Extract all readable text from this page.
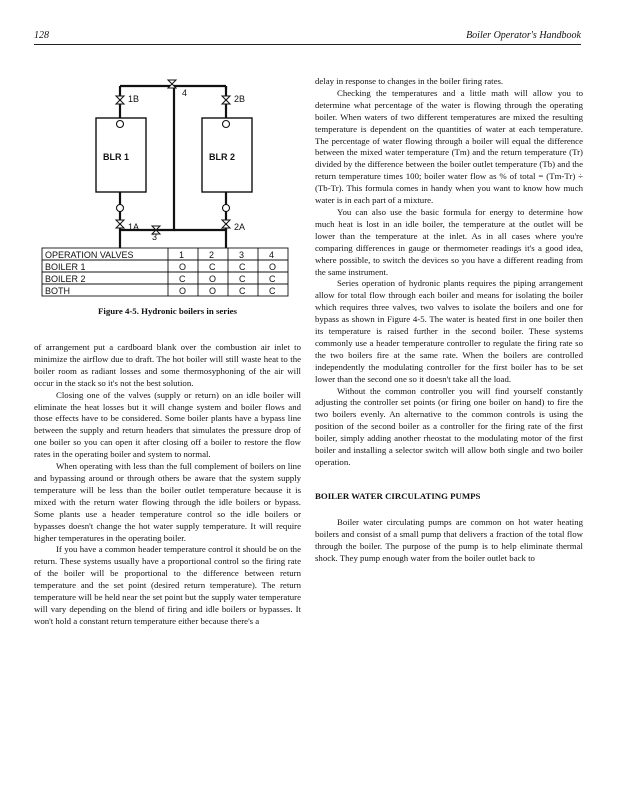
128	Boiler Operator's Handbook
BLR 1	BLR 2
1B	2B
4
1A	2A
3
OPERATION VALVES	1	2	3	4
BOILER 1	O	C	C	O
BOILER 2	C	O	C	C
BOTH	O	O	C	C
Figure 4-5. Hydronic boilers in series

of arrangement put a cardboard blank over the combustion air inlet to minimize the airflow due to draft. The hot boiler will still waste heat to the boiler room as radiant losses and some thermosyphoning of the air will occur in the stack so it's not the best solution.

Closing one of the valves (supply or return) on an idle boiler will eliminate the heat losses but it will change system and boiler flows and those effects have to be considered. Some boiler plants have a bypass line between the supply and return headers that simulates the pressure drop of one boiler so you can open it after closing off a boiler to restore the flow rates in the operating boiler and system to normal.

When operating with less than the full complement of boilers on line and bypassing around or through others be aware that the system supply temperature will be less than the boiler outlet temperature because it is mixed with the return water flowing through the idle boilers or bypass. Some plants use a header temperature control so the idle boilers or bypasses doesn't change the hot water supply temperature. It will require higher temperatures in the operating boiler.

If you have a common header temperature control it should be on the return. These systems usually have a proportional control so the firing rate of the boiler will be proportional to the difference between return temperature and the set point (desired return temperature). The return temperature will be held near the set point but the supply water temperature will vary depending on the blend of firing and idle boilers or bypasses. It won't hold a constant return temperature either because there's a

delay in response to changes in the boiler firing rates.

Checking the temperatures and a little math will allow you to determine what percentage of the water is flowing through the operating boiler. When waters of two different temperatures are mixed the resulting temperature is dependent on the quantities of water at each temperature. The percentage of water flowing through a boiler will equal the difference between the mixed water temperature (Tm) and the return temperature (Tr) divided by the difference between the boiler outlet temperature (Tb) and the return temperature times 100; boiler water flow as % of total = (Tm-Tr) ÷ (Tb-Tr). This formula comes in handy when you want to know how much water is in each part of a mixture.

You can also use the basic formula for energy to determine how much heat is lost in an idle boiler, the temperature at the outlet will be lower than the temperature at the inlet. As in all cases where you're comparing differences in gauge or thermometer readings it's a good idea, where possible, to switch the devices so you have a different reading from the same instrument.

Series operation of hydronic plants requires the piping arrangement allow for total flow through each boiler and means for isolating the boiler which requires three valves, two valves to isolate the boilers and one for bypass as shown in Figure 4-5. The water is heated first in one boiler then its temperature is raised further in the second boiler. These systems commonly use a header temperature controller to regulate the firing rate so the two boilers fire at the same rate. When the boilers are controlled independently the modulating controller for the first boiler has to be set lower than the second one so it doesn't take all the load.

Without the common controller you will find yourself constantly adjusting the controller set points (or firing one boiler on hand) to fire the two boilers evenly. An alternative to the common controls is using the position of the second boiler as a controller for the firing rate of the first boiler, simply adding another rheostat to the modulating motor of the first boiler and installing a selector switch will allow both single and two boiler operation.

BOILER WATER CIRCULATING PUMPS

Boiler water circulating pumps are common on hot water heating boilers and consist of a small pump that delivers a fraction of the total flow through the boiler. The purpose of the pump is to help eliminate thermal shock. They pump enough water from the boiler outlet back to
